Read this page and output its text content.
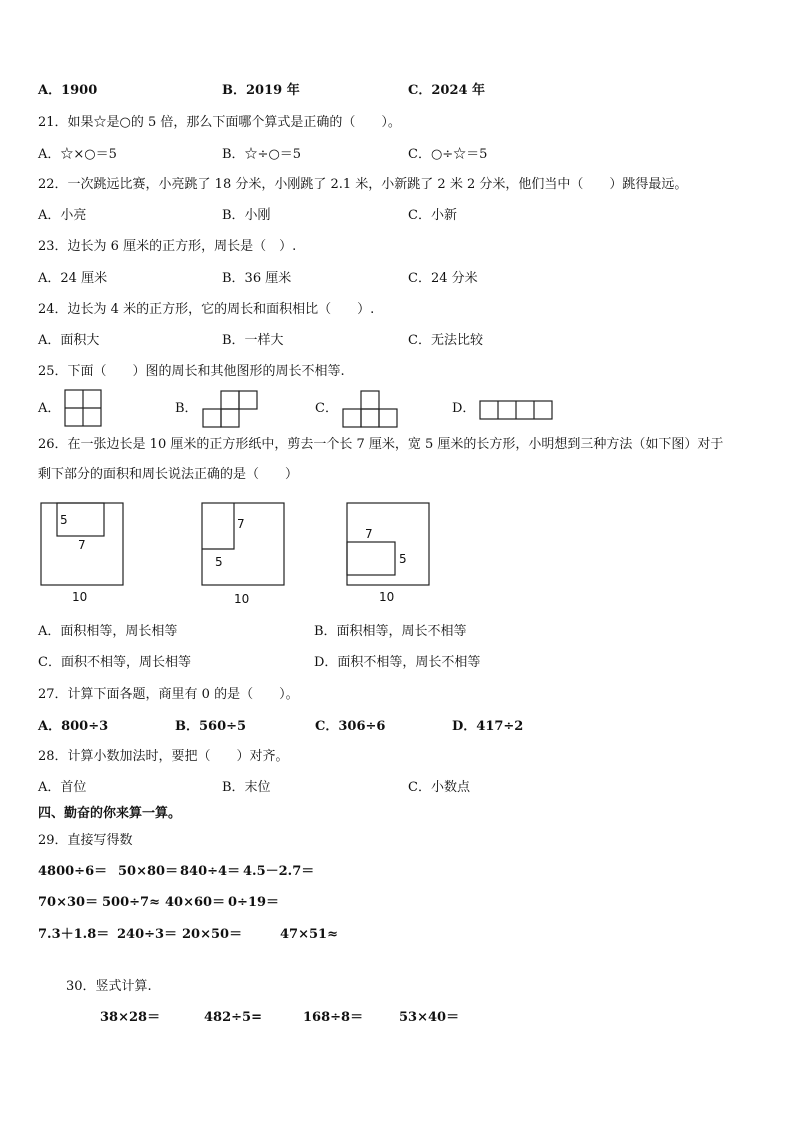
A．1900	B．2019 年	C．2024 年
21．如果☆是○的 5 倍，那么下面哪个算式是正确的（　　）。
A．☆×○＝5	B．☆÷○＝5	C．○÷☆＝5
22．一次跳远比赛，小亮跳了 18 分米，小刚跳了 2.1 米，小新跳了 2 米 2 分米，他们当中（　　）跳得最远。
A．小亮	B．小刚	C．小新
23．边长为 6 厘米的正方形，周长是（　）.
A．24 厘米	B．36 厘米	C．24 分米
24．边长为 4 米的正方形，它的周长和面积相比（　　）.
A．面积大	B．一样大	C．无法比较
25．下面（　　）图的周长和其他图形的周长不相等.
A．	B．	C．	D．
26．在一张边长是 10 厘米的正方形纸中，剪去一个长 7 厘米，宽 5 厘米的长方形，小明想到三种方法（如下图）对于
剩下部分的面积和周长说法正确的是（　　）
5
7
10
7
5
10
7
5
10
A．面积相等，周长相等	B．面积相等，周长不相等
C．面积不相等，周长相等	D．面积不相等，周长不相等
27．计算下面各题，商里有 0 的是（　　）。
A．800÷3	B．560÷5	C．306÷6	D．417÷2
28．计算小数加法时，要把（　　）对齐。
A．首位	B．末位	C．小数点
四、勤奋的你来算一算。
29．直接写得数
4800÷6＝ 50×80＝ 840÷4＝ 4.5－2.7＝
70×30＝ 500÷7≈ 40×60＝ 0÷19＝
7.3＋1.8＝ 240÷3＝ 20×50＝	47×51≈
30．竖式计算.
38×28＝	482÷5=	168÷8＝	53×40＝
